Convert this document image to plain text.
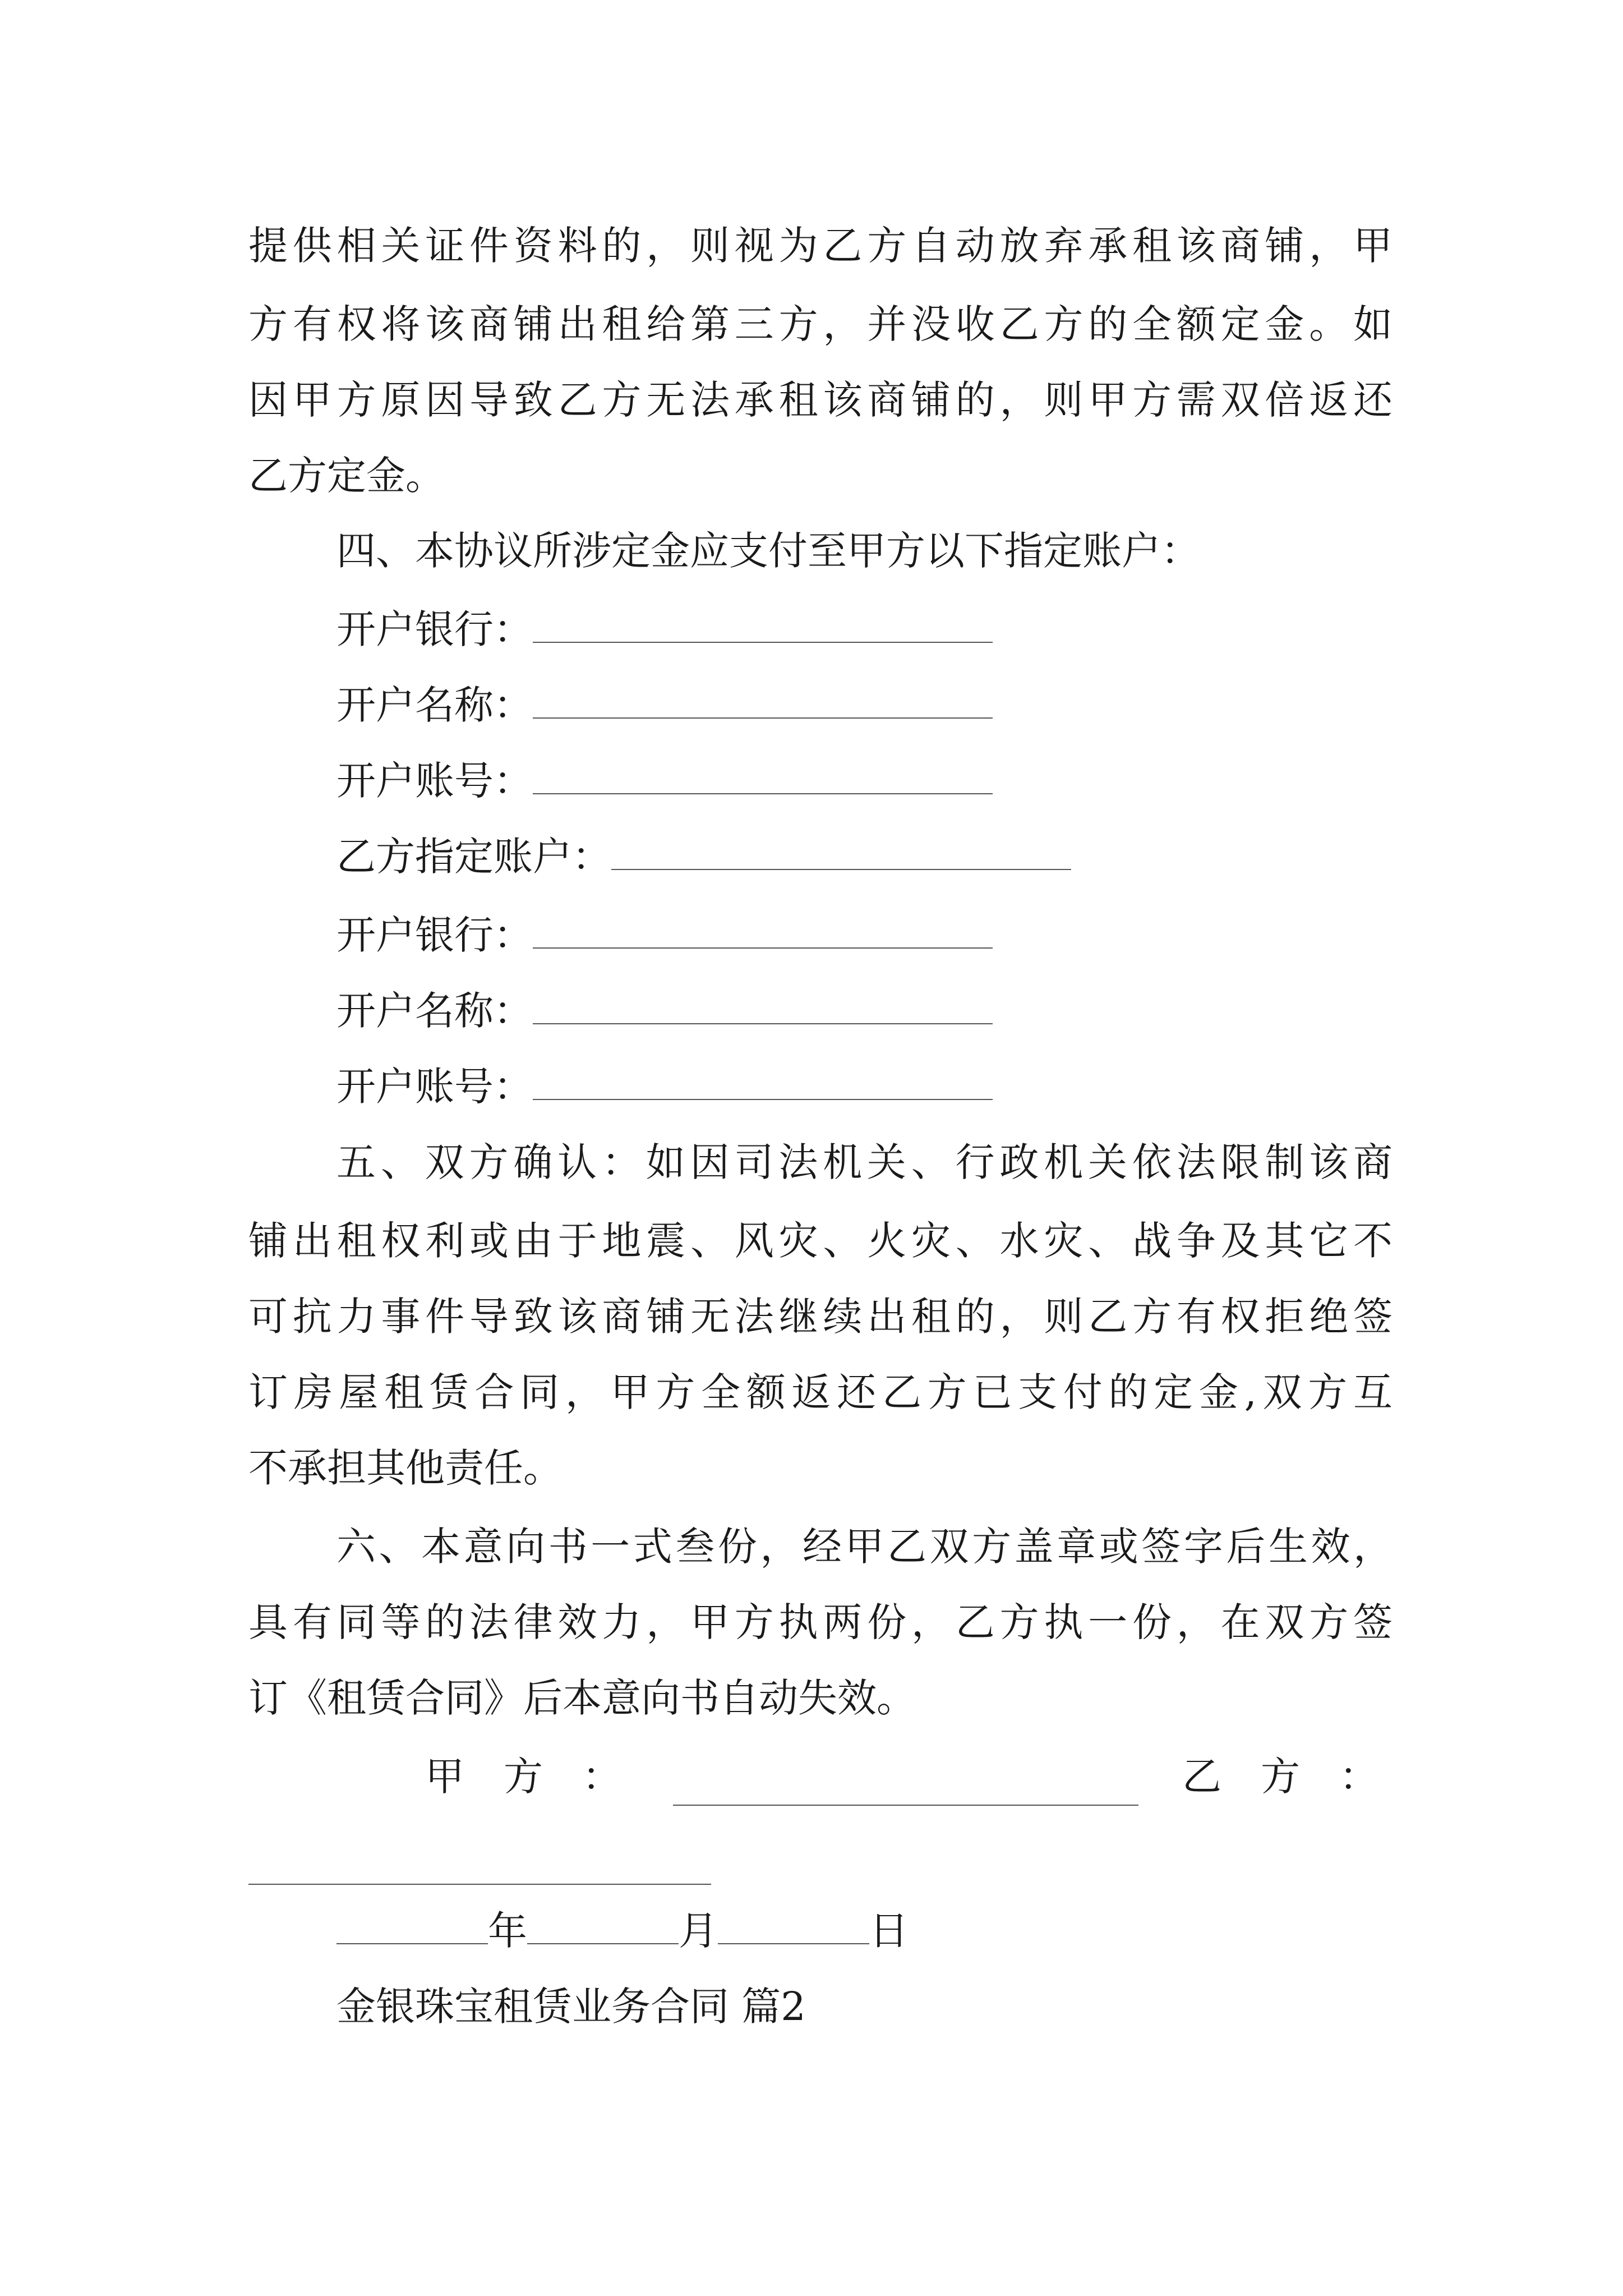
提供相关证件资料的，则视为乙方自动放弃承租该商铺，甲
方有权将该商铺出租给第三方，并没收乙方的全额定金。如
因甲方原因导致乙方无法承租该商铺的，则甲方需双倍返还
乙方定金。
四、本协议所涉定金应支付至甲方以下指定账户：
开户银行：
开户名称：
开户账号：
乙方指定账户：
开户银行：
开户名称：
开户账号：
五、双方确认：如因司法机关、行政机关依法限制该商
铺出租权利或由于地震、风灾、火灾、水灾、战争及其它不
可抗力事件导致该商铺无法继续出租的，则乙方有权拒绝签
订房屋租赁合同，甲方全额返还乙方已支付的定金,双方互
不承担其他责任。
六、本意向书一式叁份，经甲乙双方盖章或签字后生效，
具有同等的法律效力，甲方执两份，乙方执一份，在双方签
订《租赁合同》后本意向书自动失效。
甲　方　：	乙　方　：
年	月	日
金银珠宝租赁业务合同 篇2
